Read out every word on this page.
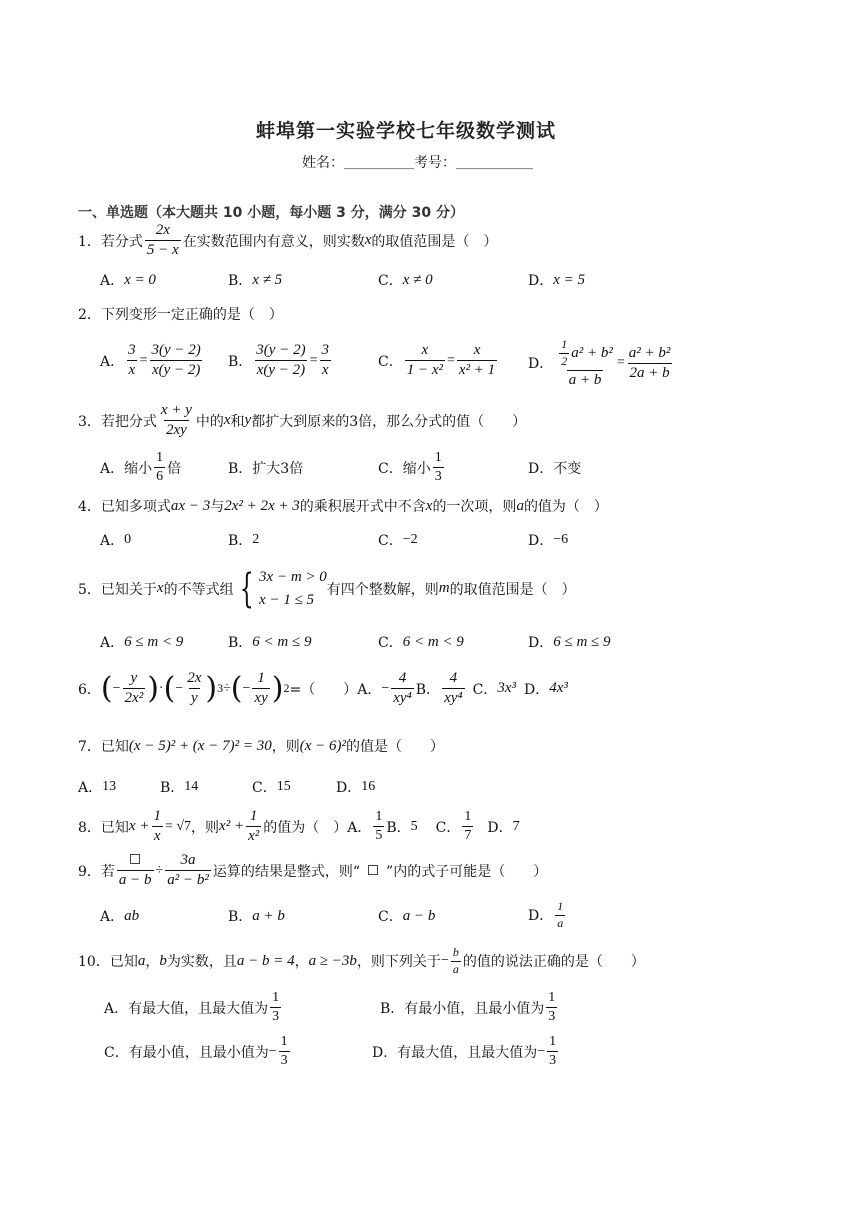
蚌埠第一实验学校七年级数学测试
姓名： __________ 考号： ___________
一、单选题 （本大题共 10 小题，每小题 3 分，满分 30 分）
1． 若分式 $\frac{2x}{5 - x}$ 在实数范围内有意义，则实数 x 的取值范围是（　）
A． x = 0	B． x ≠ 5	C． x ≠ 0	D． x = 5
2． 下列变形一定正确的是（　）
A． $\frac{3}{x} = \frac{3(y - 2)}{x(y - 2)}$ B． $\frac{3(y - 2)}{x(y - 2)} = \frac{3}{x}$	C． $\frac{x}{\text{1 − x²}} = \frac{x}{\text{x² + 1}}$ D． $\frac{\frac{1}{2} a^2 + b^2}{a + b} = \frac{\text{a² + b²}}{2a + b}$
3． 若把分式 $\frac{x + y}{2xy}$ 中的 x 和 y 都扩大到原来的3倍，那么分式的值（　　）
A． 缩小 $\frac{1}{6}$ 倍	B． 扩大3倍	C． 缩小 $\frac{1}{3}$	D． 不变
4． 已知多项式 ax − 3 与 2x² + 2x + 3 的乘积展开式中不含 x 的一次项，则 a 的值为（　）
A． 0	B． 2	C． −2	D． −6
5． 已知关于 x 的不等式组 { 3x − m > 0
x − 1 ≤ 5
有四个整数解，则 m 的取值范围是（　）
A． 6 ≤ m < 9	B． 6 < m ≤ 9	C． 6 < m < 9	D． 6 ≤ m ≤ 9
6． ( − $\frac{y}{\text{2x²}}$ ) · ( − $\frac{2x}{y}$ ) 3 ÷ ( − $\frac{1}{xy}$ ) 2 =（　　） A． − $\frac{4}{\text{xy⁴}}$ B． $\frac{4}{\text{xy⁴}}$ C． 3x³ D． 4x³
7． 已知 (x − 5)² + (x − 7)² = 30 ，则 (x − 6)² 的值是（　　）
A． 13	B． 14	C． 15	D． 16
8． 已知 $x + \frac{1}{x} = √7$ ，则 $x^2 + \frac{1}{\text{x²}}$ 的值为（　） A． $\frac{1}{5}$ B． 5 C． $\frac{1}{7}$ D． 7
9． 若
a − b
÷ $\frac{3a}{\text{a² − b²}}$ 运算的结果是整式，则“ ”内的式子可能是（　　）
A． ab	B． a + b	C． a − b	D． $\frac{1}{a}$
10． 已知 a ， b 为实数，且 a − b = 4 ， a ≥ −3b ，则下列关于 − $\frac{b}{a}$ 的值的说法正确的是（　　）
A． 有最大值，且最大值为 $\frac{1}{3}$	B． 有最小值，且最小值为 $\frac{1}{3}$
C． 有最小值，且最小值为 − $\frac{1}{3}$	D． 有最大值，且最大值为 − $\frac{1}{3}$
